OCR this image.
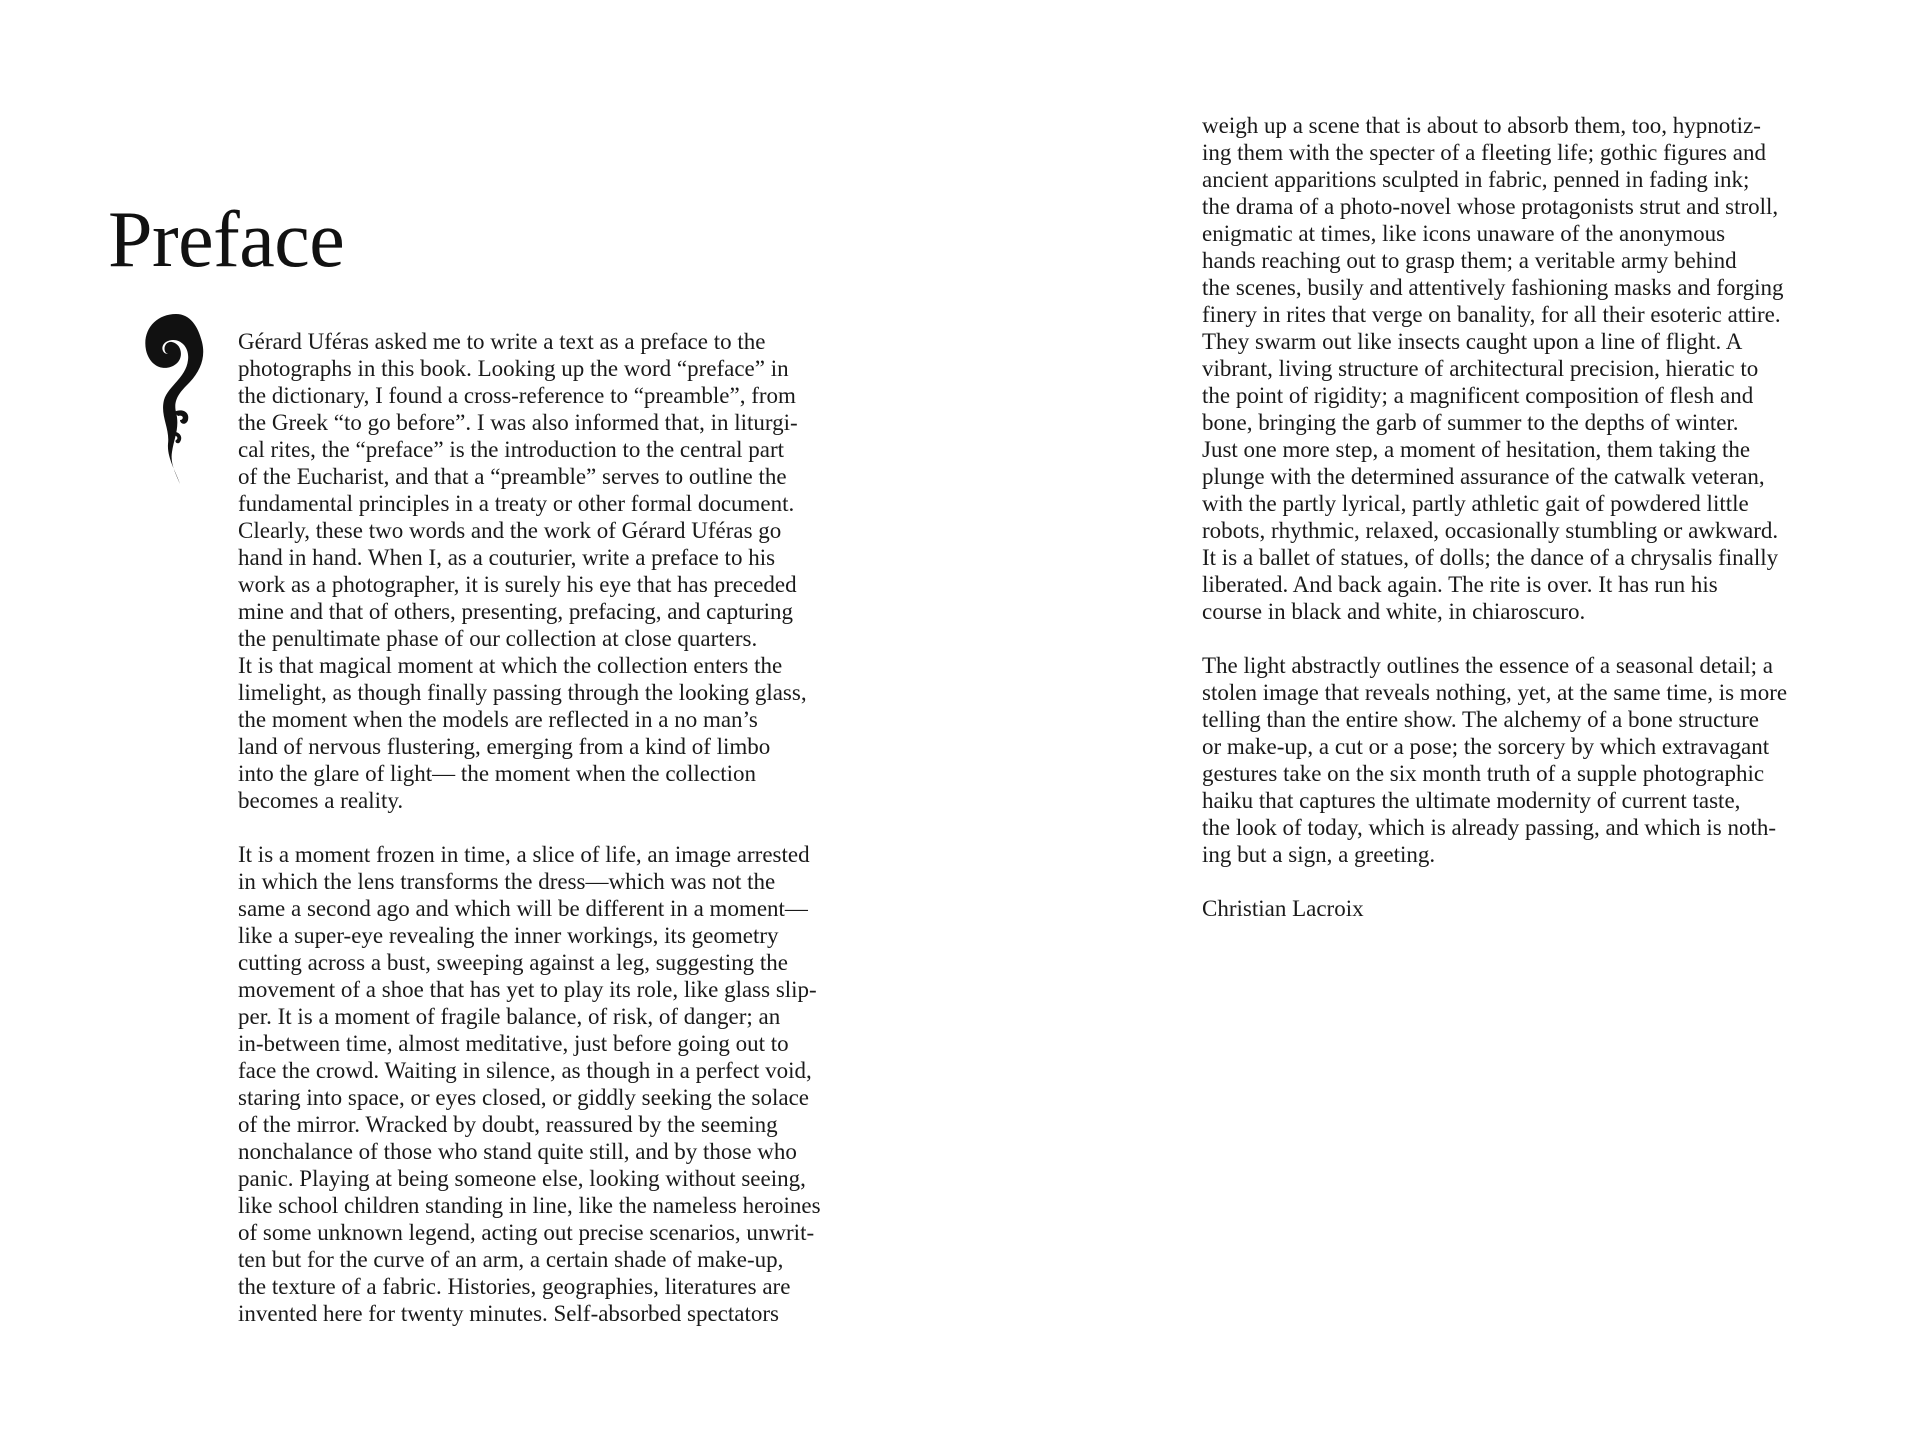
Preface
Gérard Uféras asked me to write a text as a preface to the
photographs in this book. Looking up the word “preface” in
the dictionary, I found a cross-reference to “preamble”, from
the Greek “to go before”. I was also informed that, in liturgi-
cal rites, the “preface” is the introduction to the central part
of the Eucharist, and that a “preamble” serves to outline the
fundamental principles in a treaty or other formal document.
Clearly, these two words and the work of Gérard Uféras go
hand in hand. When I, as a couturier, write a preface to his
work as a photographer, it is surely his eye that has preceded
mine and that of others, presenting, prefacing, and capturing
the penultimate phase of our collection at close quarters.
It is that magical moment at which the collection enters the
limelight, as though finally passing through the looking glass,
the moment when the models are reflected in a no man’s
land of nervous flustering, emerging from a kind of limbo
into the glare of light— the moment when the collection
becomes a reality.
It is a moment frozen in time, a slice of life, an image arrested
in which the lens transforms the dress—which was not the
same a second ago and which will be different in a moment—
like a super-eye revealing the inner workings, its geometry
cutting across a bust, sweeping against a leg, suggesting the
movement of a shoe that has yet to play its role, like glass slip-
per. It is a moment of fragile balance, of risk, of danger; an
in-between time, almost meditative, just before going out to
face the crowd. Waiting in silence, as though in a perfect void,
staring into space, or eyes closed, or giddly seeking the solace
of the mirror. Wracked by doubt, reassured by the seeming
nonchalance of those who stand quite still, and by those who
panic. Playing at being someone else, looking without seeing,
like school children standing in line, like the nameless heroines
of some unknown legend, acting out precise scenarios, unwrit-
ten but for the curve of an arm, a certain shade of make-up,
the texture of a fabric. Histories, geographies, literatures are
invented here for twenty minutes. Self-absorbed spectators
weigh up a scene that is about to absorb them, too, hypnotiz-
ing them with the specter of a fleeting life; gothic figures and
ancient apparitions sculpted in fabric, penned in fading ink;
the drama of a photo-novel whose protagonists strut and stroll,
enigmatic at times, like icons unaware of the anonymous
hands reaching out to grasp them; a veritable army behind
the scenes, busily and attentively fashioning masks and forging
finery in rites that verge on banality, for all their esoteric attire.
They swarm out like insects caught upon a line of flight. A
vibrant, living structure of architectural precision, hieratic to
the point of rigidity; a magnificent composition of flesh and
bone, bringing the garb of summer to the depths of winter.
Just one more step, a moment of hesitation, them taking the
plunge with the determined assurance of the catwalk veteran,
with the partly lyrical, partly athletic gait of powdered little
robots, rhythmic, relaxed, occasionally stumbling or awkward.
It is a ballet of statues, of dolls; the dance of a chrysalis finally
liberated. And back again. The rite is over. It has run his
course in black and white, in chiaroscuro.
The light abstractly outlines the essence of a seasonal detail; a
stolen image that reveals nothing, yet, at the same time, is more
telling than the entire show. The alchemy of a bone structure
or make-up, a cut or a pose; the sorcery by which extravagant
gestures take on the six month truth of a supple photographic
haiku that captures the ultimate modernity of current taste,
the look of today, which is already passing, and which is noth-
ing but a sign, a greeting.
Christian Lacroix
